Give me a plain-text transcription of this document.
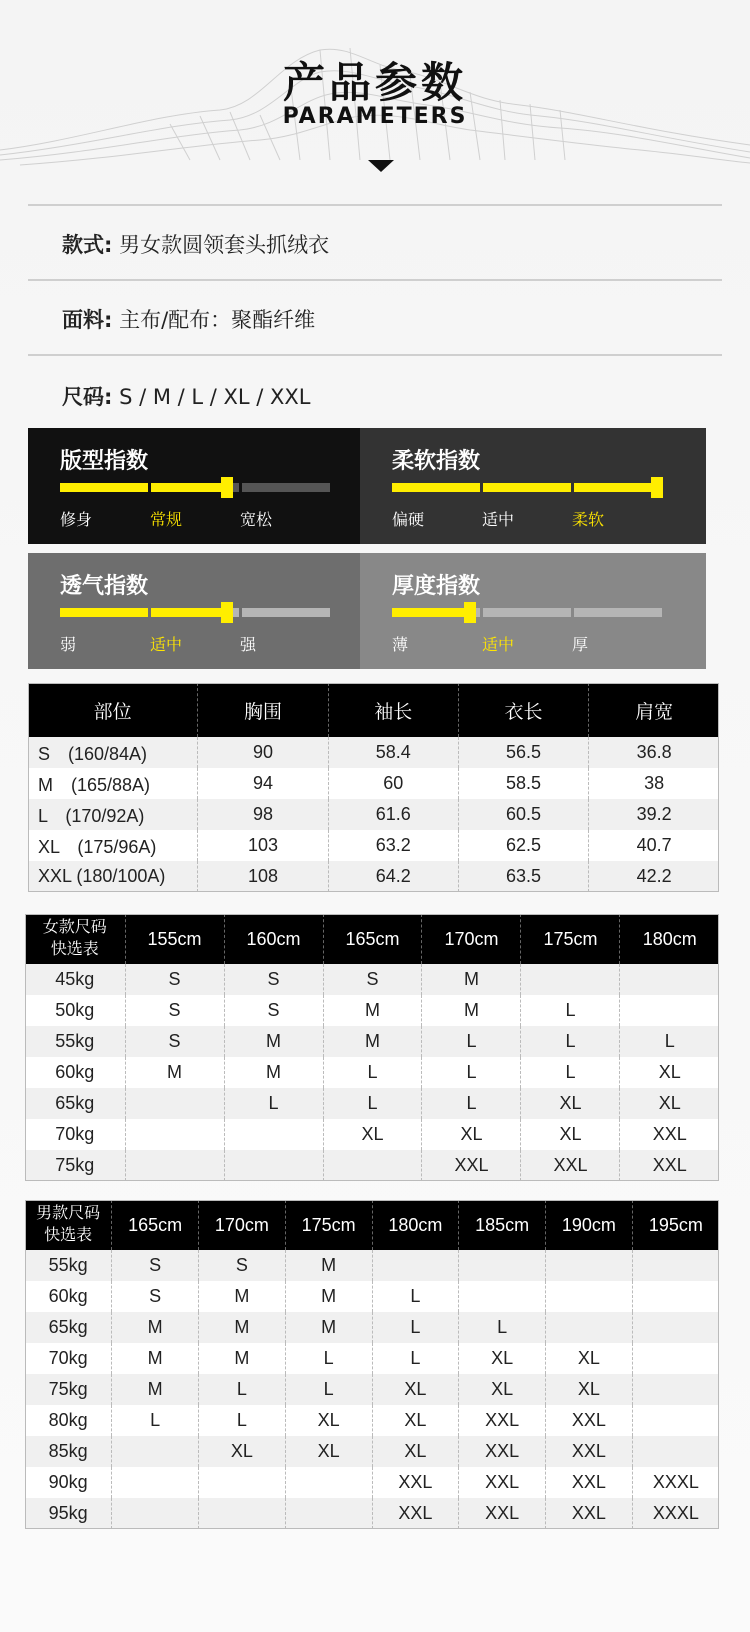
产品参数
PARAMETERS
款式: 男女款圆领套头抓绒衣
面料: 主布/配布：聚酯纤维
尺码: S / M / L / XL / XXL
版型指数
修身	常规	宽松
柔软指数
偏硬	适中	柔软
透气指数
弱	适中	强
厚度指数
薄	适中	厚
部位	胸围	袖长	衣长	肩宽
S　(160/84A)	90	58.4	56.5	36.8
M　(165/88A)	94	60	58.5	38
L　(170/92A)	98	61.6	60.5	39.2
XL　(175/96A)	103	63.2	62.5	40.7
XXL (180/100A)	108	64.2	63.5	42.2
女款尺码
快选表	155cm	160cm	165cm	170cm	175cm	180cm
45kg	S	S	S	M		
50kg	S	S	M	M	L	
55kg	S	M	M	L	L	L
60kg	M	M	L	L	L	XL
65kg		L	L	L	XL	XL
70kg			XL	XL	XL	XXL
75kg				XXL	XXL	XXL
男款尺码
快选表	165cm	170cm	175cm	180cm	185cm	190cm	195cm
55kg	S	S	M				
60kg	S	M	M	L			
65kg	M	M	M	L	L		
70kg	M	M	L	L	XL	XL	
75kg	M	L	L	XL	XL	XL	
80kg	L	L	XL	XL	XXL	XXL	
85kg		XL	XL	XL	XXL	XXL	
90kg				XXL	XXL	XXL	XXXL
95kg				XXL	XXL	XXL	XXXL
